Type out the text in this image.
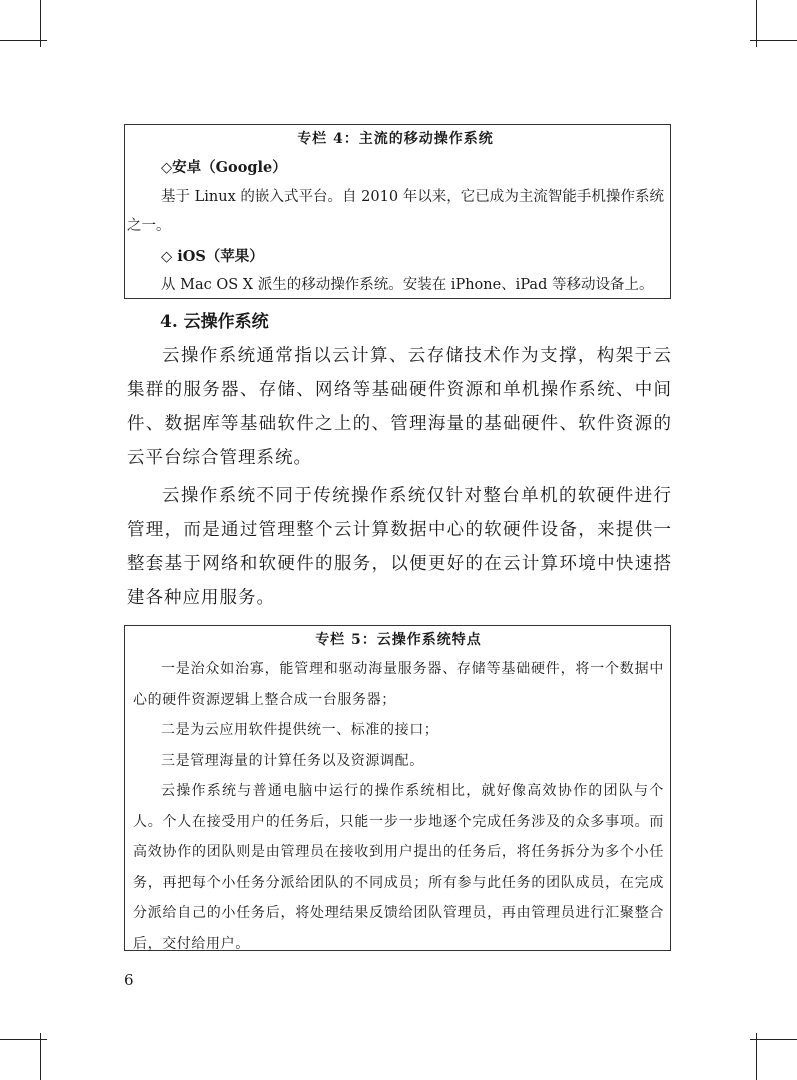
专栏 4：主流的移动操作系统

◇安卓（Google）

基于 Linux 的嵌入式平台。自 2010 年以来，它已成为主流智能手机操作系统之一。

◇ iOS（苹果）

从 Mac OS X 派生的移动操作系统。安装在 iPhone、iPad 等移动设备上。

4. 云操作系统

云操作系统通常指以云计算、云存储技术作为支撑，构架于云集群的服务器、存储、网络等基础硬件资源和单机操作系统、中间件、数据库等基础软件之上的、管理海量的基础硬件、软件资源的云平台综合管理系统。

云操作系统不同于传统操作系统仅针对整台单机的软硬件进行管理，而是通过管理整个云计算数据中心的软硬件设备，来提供一整套基于网络和软硬件的服务，以便更好的在云计算环境中快速搭建各种应用服务。

专栏 5：云操作系统特点

一是治众如治寡，能管理和驱动海量服务器、存储等基础硬件，将一个数据中心的硬件资源逻辑上整合成一台服务器；

二是为云应用软件提供统一、标准的接口；

三是管理海量的计算任务以及资源调配。

云操作系统与普通电脑中运行的操作系统相比，就好像高效协作的团队与个人。个人在接受用户的任务后，只能一步一步地逐个完成任务涉及的众多事项。而高效协作的团队则是由管理员在接收到用户提出的任务后，将任务拆分为多个小任务，再把每个小任务分派给团队的不同成员；所有参与此任务的团队成员，在完成分派给自己的小任务后，将处理结果反馈给团队管理员，再由管理员进行汇聚整合后，交付给用户。

6
